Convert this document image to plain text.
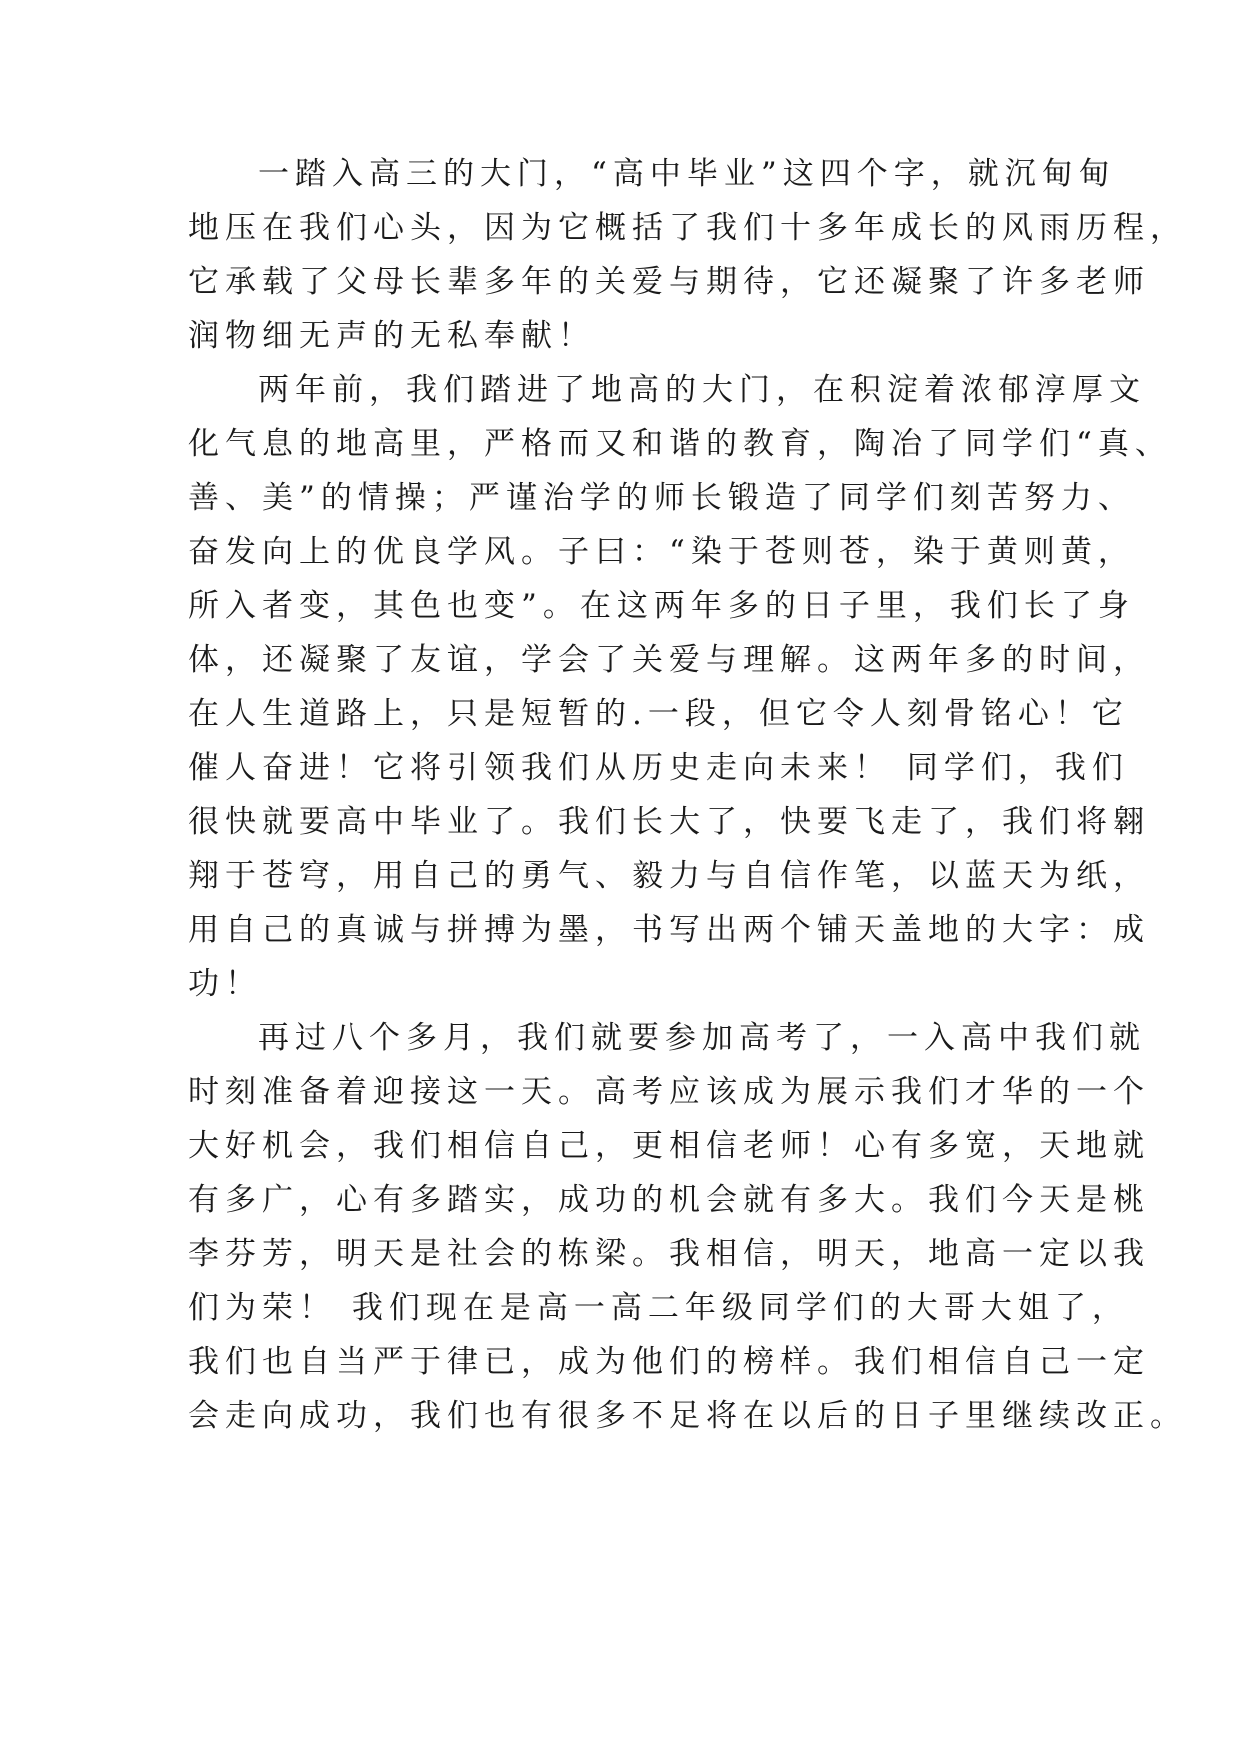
一踏入高三的大门，“高中毕业”这四个字，就沉甸甸
地压在我们心头，因为它概括了我们十多年成长的风雨历程，
它承载了父母长辈多年的关爱与期待，它还凝聚了许多老师
润物细无声的无私奉献！
两年前，我们踏进了地高的大门，在积淀着浓郁淳厚文
化气息的地高里，严格而又和谐的教育，陶冶了同学们“真、
善、美”的情操；严谨治学的师长锻造了同学们刻苦努力、
奋发向上的优良学风。子曰：“染于苍则苍，染于黄则黄，
所入者变，其色也变”。在这两年多的日子里，我们长了身
体，还凝聚了友谊，学会了关爱与理解。这两年多的时间，
在人生道路上，只是短暂的.一段，但它令人刻骨铭心！它
催人奋进！它将引领我们从历史走向未来！ 同学们，我们
很快就要高中毕业了。我们长大了，快要飞走了，我们将翱
翔于苍穹，用自己的勇气、毅力与自信作笔，以蓝天为纸，
用自己的真诚与拼搏为墨，书写出两个铺天盖地的大字：成
功！
再过八个多月，我们就要参加高考了，一入高中我们就
时刻准备着迎接这一天。高考应该成为展示我们才华的一个
大好机会，我们相信自己，更相信老师！心有多宽，天地就
有多广，心有多踏实，成功的机会就有多大。我们今天是桃
李芬芳，明天是社会的栋梁。我相信，明天，地高一定以我
们为荣！ 我们现在是高一高二年级同学们的大哥大姐了，
我们也自当严于律已，成为他们的榜样。我们相信自己一定
会走向成功，我们也有很多不足将在以后的日子里继续改正。
